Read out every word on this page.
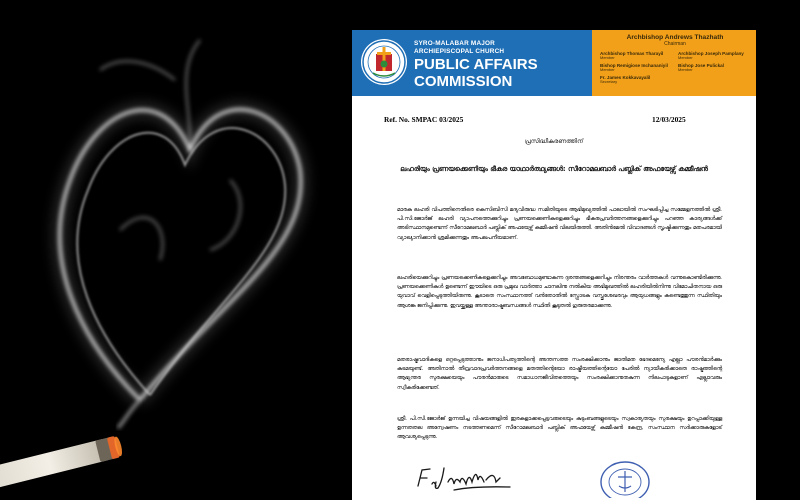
SYRO-MALABAR MAJOR
ARCHIEPISCOPAL CHURCH
PUBLIC AFFAIRS
COMMISSION
Archbishop Andrews Thazhath
Chairman
Archbishop Thomas Tharayil
Member
Archbishop Joseph Pamplany
Member
Bishop Remigiose Inchananiyil
Member
Bishop Jose Pulickal
Member
Fr. James Kokkavayalil
Secretary
Ref. No. SMPAC 03/2025	12/03/2025
പ്രസിദ്ധീകരണത്തിന്
ലഹരിയും പ്രണയക്കെണിയും ഭീകര യാഥാർത്ഥ്യങ്ങൾ: സീറോമലബാർ പബ്ലിക് അഫയേഴ്സ് കമ്മീഷൻ
മാരക ലഹരി വിപത്തിനെതിരെ കെസിബിസി മദ്യവിരുദ്ധ സമിതിയുടെ ആഭിമുഖ്യത്തിൽ പാലായിൽ സംഘടിപ്പിച്ച സമ്മേളനത്തിൽ ശ്രീ. പി.സി.ജോർജ് ലഹരി വ്യാപനത്തെക്കുറിച്ചും പ്രണയക്കെണികളെക്കുറിച്ചും ഭീകരപ്രവർത്തനങ്ങളെക്കുറിച്ചും പറഞ്ഞ കാര്യങ്ങൾക്ക് അടിസ്ഥാനമുണ്ടെന്ന് സീറോമലബാർ പബ്ലിക് അഫയേഴ്സ് കമ്മീഷൻ വിലയിരുത്തി. അതിൻമേൽ വിവാദങ്ങൾ സൃഷ്ടിക്കുന്നതും മതപരമായി വ്യാഖ്യാനിക്കാൻ ശ്രമിക്കുന്നതും അപലപനീയമാണ്.
ലഹരിയെക്കുറിച്ചും പ്രണയക്കെണികളെക്കുറിച്ചും അവബോധമുണ്ടാകുന്ന ദുരന്തങ്ങളെക്കുറിച്ചും നിരന്തരം വാർത്തകൾ വന്നുകൊണ്ടിരിക്കുന്നു. പ്രണയക്കെണികൾ ഉണ്ടെന്ന് ഈയിടെ ഒരു പ്രമുഖ വാർത്താ ചാനലിനു നൽകിയ അഭിമുഖത്തിൽ ലഹരിയിൽനിന്നു വിമോചിതനായ ഒരു യുവാവ് വെളിപ്പെടുത്തിയിരുന്നു. കൂടാതെ സംസ്ഥാനത്ത് വൻതോതിൽ സ്ഫോടക വസ്തുശേഖരവും ആയുധങ്ങളും കണ്ടെത്തുന്ന സ്ഥിതിയും ആശങ്ക ജനിപ്പിക്കുന്നു. ഇവയ്ക്കുള്ള അന്താരാഷ്ട്രബന്ധങ്ങൾ സ്ഥിതി കൂടുതൽ ഗുരുതരമാക്കുന്നു.
മതരാഷ്ട്രവാദികളെ ഒറ്റപ്പെടുത്താനും ജനാധിപത്യത്തിന്റെ അന്തസത്ത സംരക്ഷിക്കാനും ജാതിമത ഭേദമെന്യേ എല്ലാ പൗരൻമാർക്കും കടമയുണ്ട്. അതിനാൽ തീവ്രവാദപ്രവർത്തനങ്ങളെ മതത്തിന്റെയോ രാഷ്ട്രീയത്തിന്റെയോ പേരിൽ ന്യായീകരിക്കാതെ രാഷ്ട്രത്തിന്റെ ആഭ്യന്തര സുരക്ഷയെയും പൗരൻമാരുടെ സമാധാനജീവിതത്തെയും സംരക്ഷിക്കാനുതകുന്ന നിലപാടുകളാണ് എല്ലാവരും സ്വീകരിക്കേണ്ടത്.
ശ്രീ. പി.സി.ജോർജ് ഉന്നയിച്ച വിഷയങ്ങളിൽ ഇരകളാക്കപ്പെട്ടവരുടെയും കുടുംബങ്ങളുടെയും സ്വകാര്യതയും സുരക്ഷയും ഉറപ്പാക്കിയുള്ള ഉന്നതതല അന്വേഷണം നടത്തണമെന്ന് സീറോമലബാർ പബ്ലിക് അഫയേഴ്സ് കമ്മീഷൻ കേന്ദ്ര, സംസ്ഥാന സർക്കാരുകളോട് ആവശ്യപ്പെടുന്നു.
